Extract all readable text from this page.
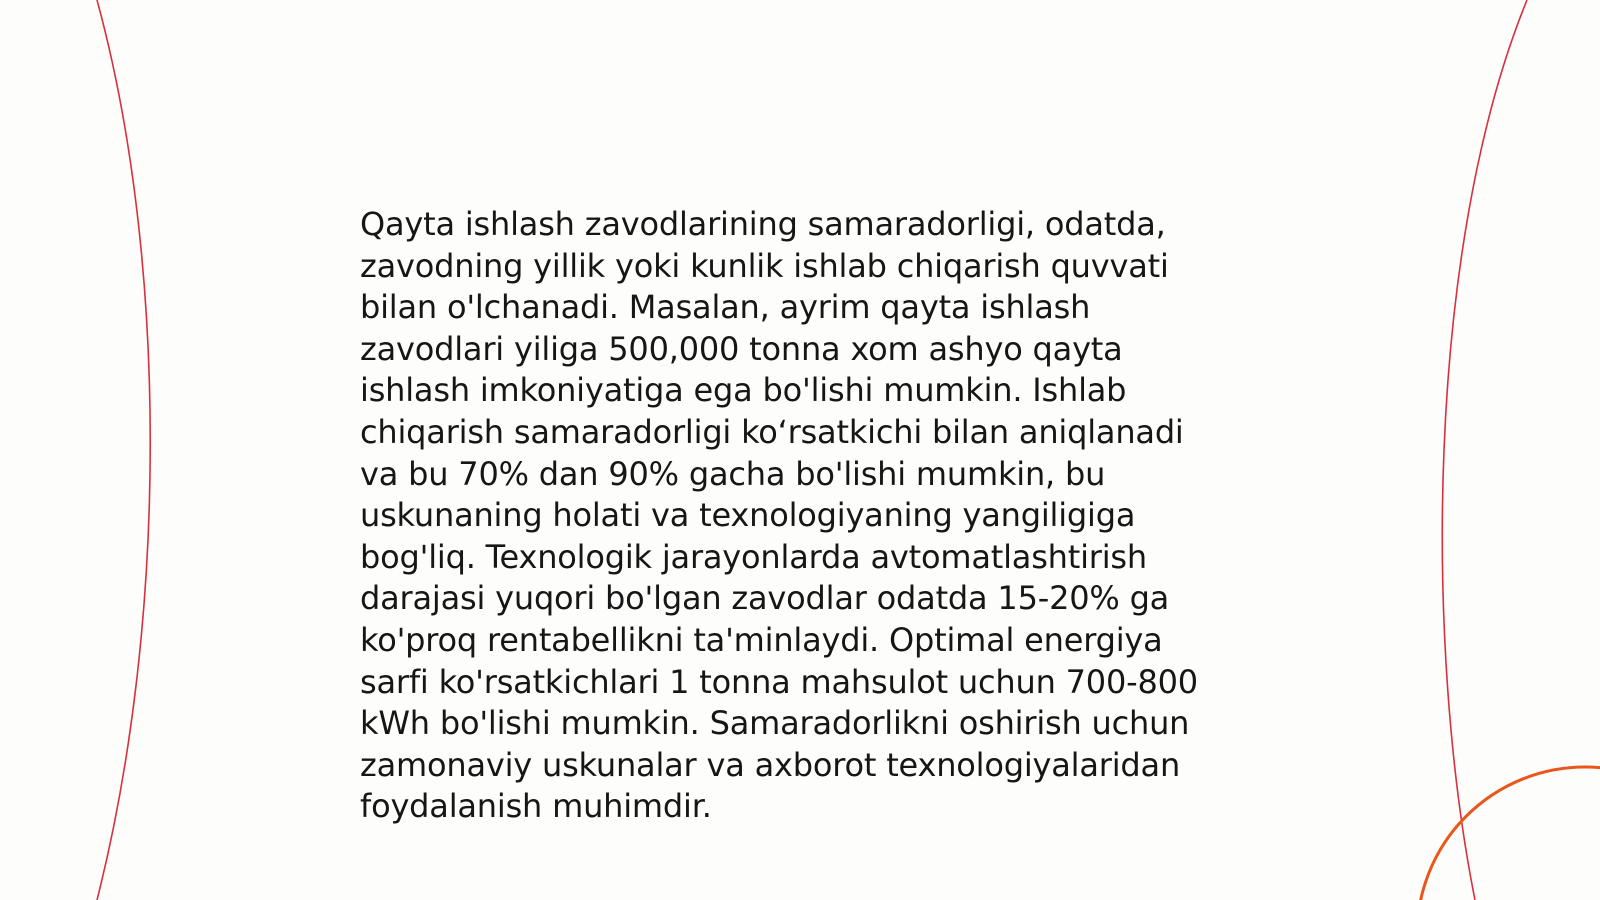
Qayta ishlash zavodlarining samaradorligi, odatda, zavodning yillik yoki kunlik ishlab chiqarish quvvati bilan o'lchanadi. Masalan, ayrim qayta ishlash zavodlari yiliga 500,000 tonna xom ashyo qayta ishlash imkoniyatiga ega bo'lishi mumkin. Ishlab chiqarish samaradorligi ko‘rsatkichi bilan aniqlanadi va bu 70% dan 90% gacha bo'lishi mumkin, bu uskunaning holati va texnologiyaning yangiligiga bog'liq. Texnologik jarayonlarda avtomatlashtirish darajasi yuqori bo'lgan zavodlar odatda 15-20% ga ko'proq rentabellikni ta'minlaydi. Optimal energiya sarfi ko'rsatkichlari 1 tonna mahsulot uchun 700-800 kWh bo'lishi mumkin. Samaradorlikni oshirish uchun zamonaviy uskunalar va axborot texnologiyalaridan foydalanish muhimdir.
